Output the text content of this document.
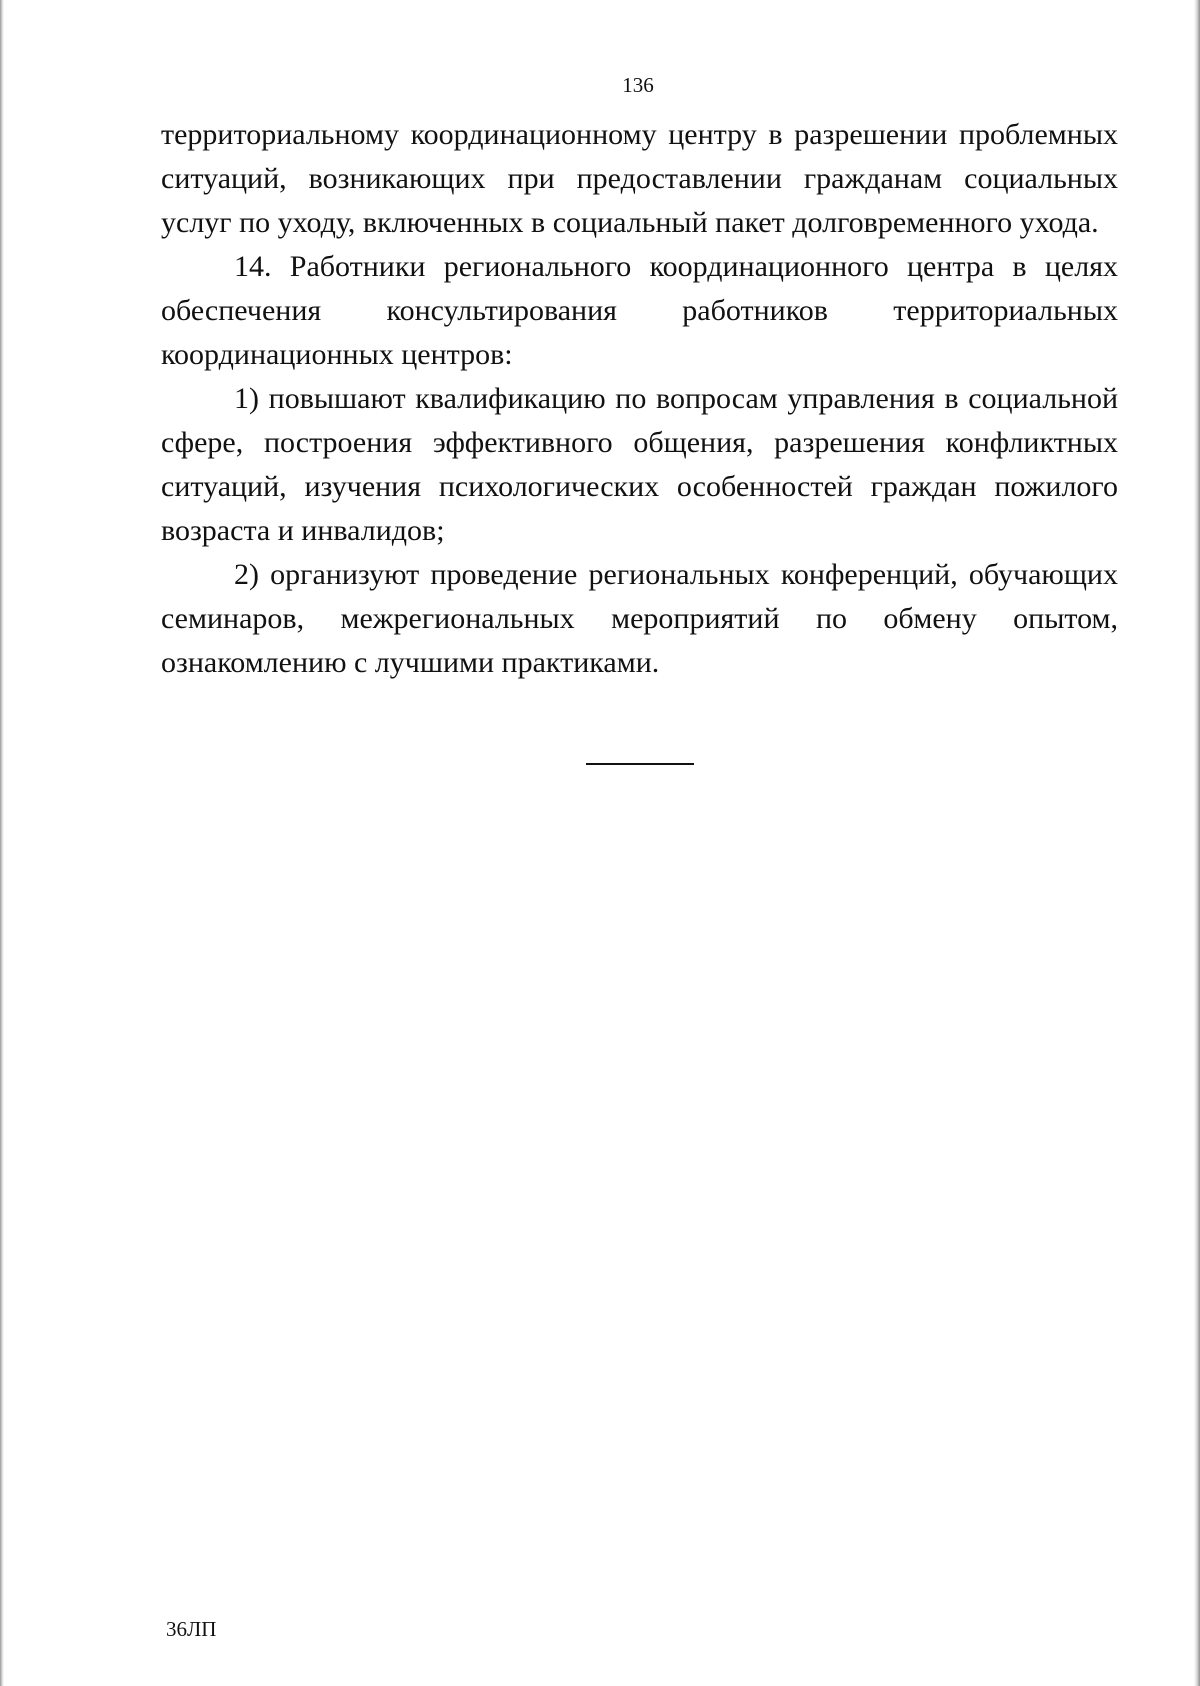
136

территориальному координационному центру в разрешении проблемных ситуаций, возникающих при предоставлении гражданам социальных услуг по уходу, включенных в социальный пакет долговременного ухода.

14. Работники регионального координационного центра в целях обеспечения консультирования работников территориальных координационных центров:

1) повышают квалификацию по вопросам управления в социальной сфере, построения эффективного общения, разрешения конфликтных ситуаций, изучения психологических особенностей граждан пожилого возраста и инвалидов;

2) организуют проведение региональных конференций, обучающих семинаров, межрегиональных мероприятий по обмену опытом, ознакомлению с лучшими практиками.

36ЛП
